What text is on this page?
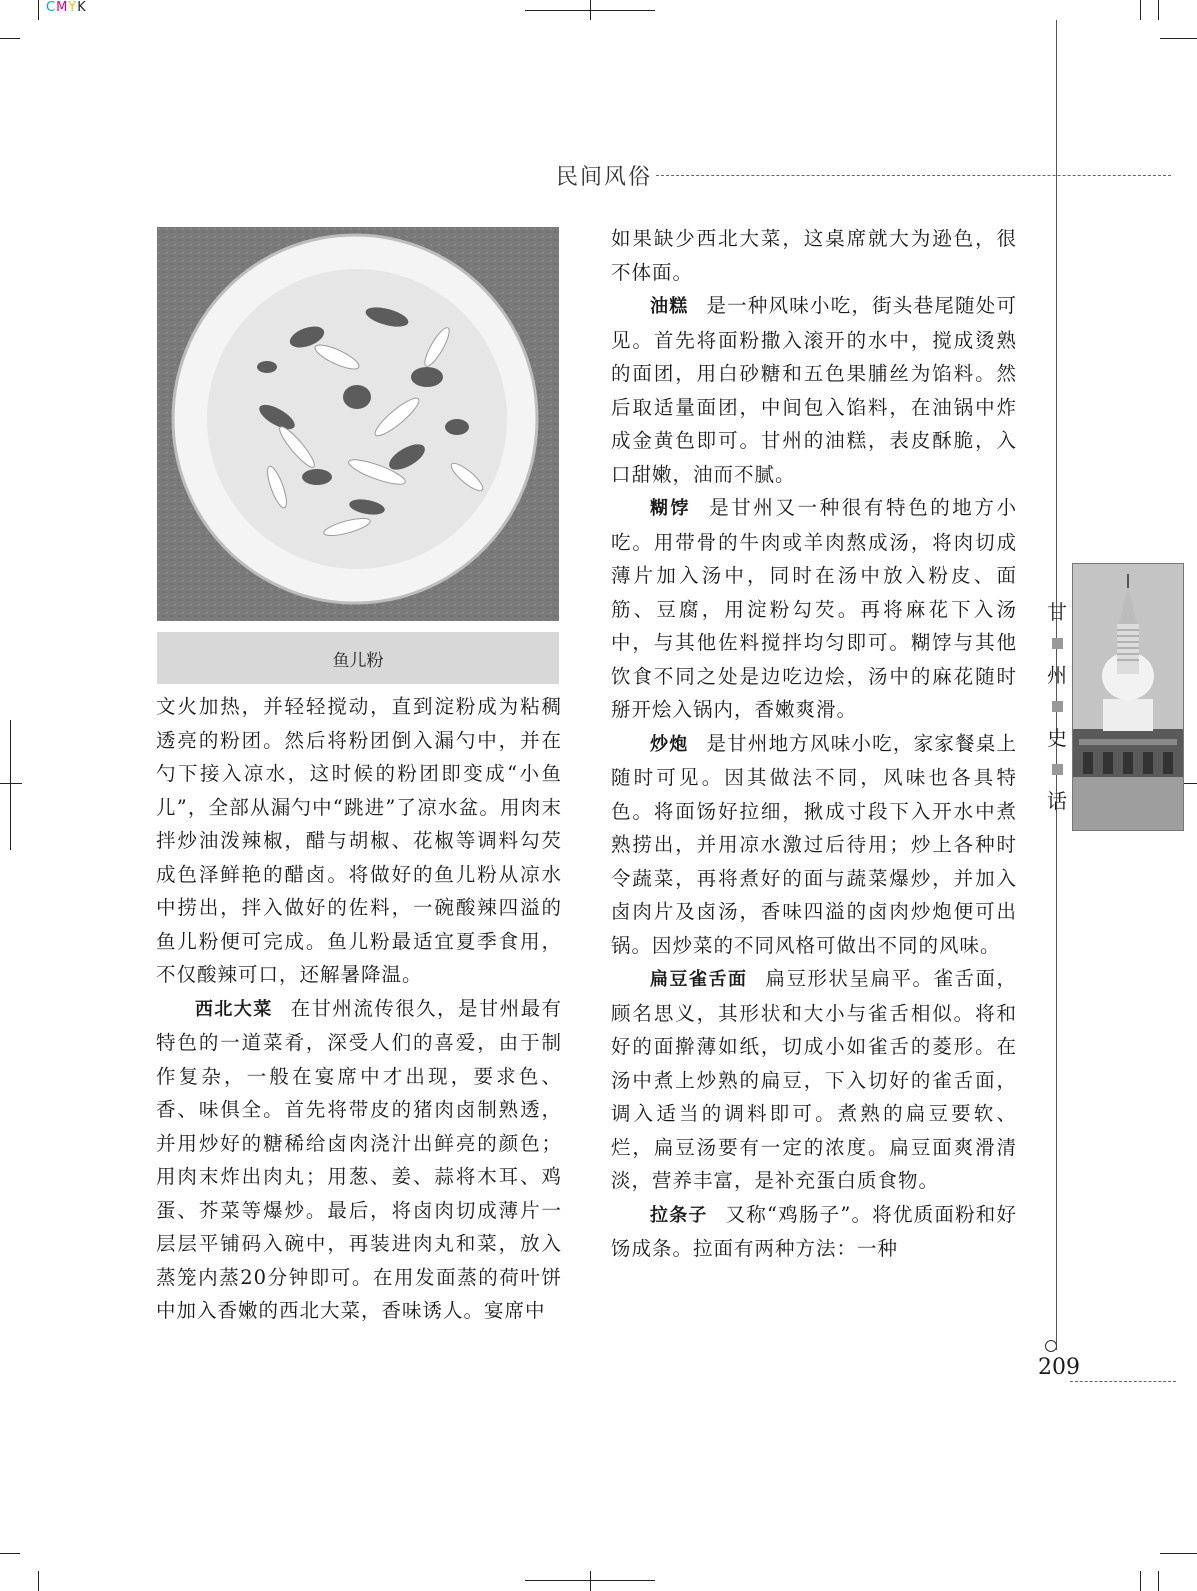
CMYK
民间风俗
鱼儿粉

文火加热，并轻轻搅动，直到淀粉成为粘稠透亮的粉团。然后将粉团倒入漏勺中，并在勺下接入凉水，这时候的粉团即变成“小鱼儿”，全部从漏勺中“跳进”了凉水盆。用肉末拌炒油泼辣椒，醋与胡椒、花椒等调料勾芡成色泽鲜艳的醋卤。将做好的鱼儿粉从凉水中捞出，拌入做好的佐料，一碗酸辣四溢的鱼儿粉便可完成。鱼儿粉最适宜夏季食用，不仅酸辣可口，还解暑降温。

西北大菜 在甘州流传很久，是甘州最有特色的一道菜肴，深受人们的喜爱，由于制作复杂，一般在宴席中才出现，要求色、香、味俱全。首先将带皮的猪肉卤制熟透，并用炒好的糖稀给卤肉浇汁出鲜亮的颜色；用肉末炸出肉丸；用葱、姜、蒜将木耳、鸡蛋、芥菜等爆炒。最后，将卤肉切成薄片一层层平铺码入碗中，再装进肉丸和菜，放入蒸笼内蒸20分钟即可。在用发面蒸的荷叶饼中加入香嫩的西北大菜，香味诱人。宴席中

如果缺少西北大菜，这桌席就大为逊色，很不体面。

油糕 是一种风味小吃，街头巷尾随处可见。首先将面粉撒入滚开的水中，搅成烫熟的面团，用白砂糖和五色果脯丝为馅料。然后取适量面团，中间包入馅料，在油锅中炸成金黄色即可。甘州的油糕，表皮酥脆，入口甜嫩，油而不腻。

糊饽 是甘州又一种很有特色的地方小吃。用带骨的牛肉或羊肉熬成汤，将肉切成薄片加入汤中，同时在汤中放入粉皮、面筋、豆腐，用淀粉勾芡。再将麻花下入汤中，与其他佐料搅拌均匀即可。糊饽与其他饮食不同之处是边吃边烩，汤中的麻花随时掰开烩入锅内，香嫩爽滑。

炒炮 是甘州地方风味小吃，家家餐桌上随时可见。因其做法不同，风味也各具特色。将面饧好拉细，揪成寸段下入开水中煮熟捞出，并用凉水激过后待用；炒上各种时令蔬菜，再将煮好的面与蔬菜爆炒，并加入卤肉片及卤汤，香味四溢的卤肉炒炮便可出锅。因炒菜的不同风格可做出不同的风味。

扁豆雀舌面 扁豆形状呈扁平。雀舌面，顾名思义，其形状和大小与雀舌相似。将和好的面擀薄如纸，切成小如雀舌的菱形。在汤中煮上炒熟的扁豆，下入切好的雀舌面，调入适当的调料即可。煮熟的扁豆要软、烂，扁豆汤要有一定的浓度。扁豆面爽滑清淡，营养丰富，是补充蛋白质食物。

拉条子 又称“鸡肠子”。将优质面粉和好饧成条。拉面有两种方法：一种

甘
州
史
话
209
